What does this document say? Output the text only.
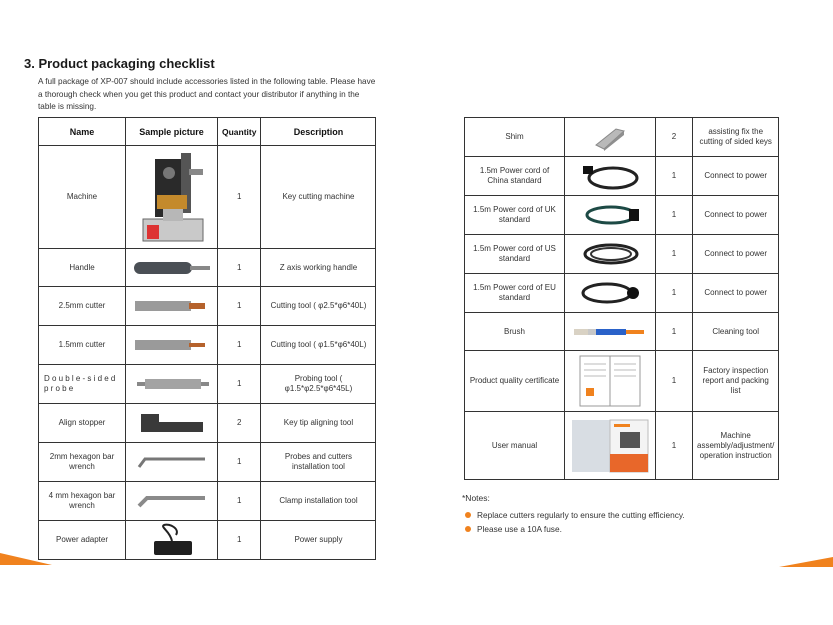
3. Product packaging checklist
A full package of XP-007 should include accessories listed in the following table. Please have a thorough check when you get this product and contact your distributor if anything in the table is missing.
Name	Sample picture	Quantity	Description
Machine		1	Key cutting machine
Handle		1	Z axis working handle
2.5mm cutter		1	Cutting tool ( φ2.5*φ6*40L)
1.5mm cutter		1	Cutting tool ( φ1.5*φ6*40L)
Double-sided probe		1	Probing tool ( φ1.5*φ2.5*φ6*45L)
Align stopper		2	Key tip aligning tool
2mm hexagon bar wrench		1	Probes and cutters installation tool
4 mm hexagon bar wrench		1	Clamp installation tool
Power adapter		1	Power supply
Shim		2	assisting fix the cutting of sided keys
1.5m Power cord of China standard		1	Connect to power
1.5m Power cord of UK standard		1	Connect to power
1.5m Power cord of US standard		1	Connect to power
1.5m Power cord of EU standard		1	Connect to power
Brush		1	Cleaning tool
Product quality certificate		1	Factory inspection report and packing list
User manual		1	Machine assembly/adjustment/ operation instruction
*Notes:
Replace cutters regularly to ensure the cutting efficiency.
Please use a 10A fuse.
